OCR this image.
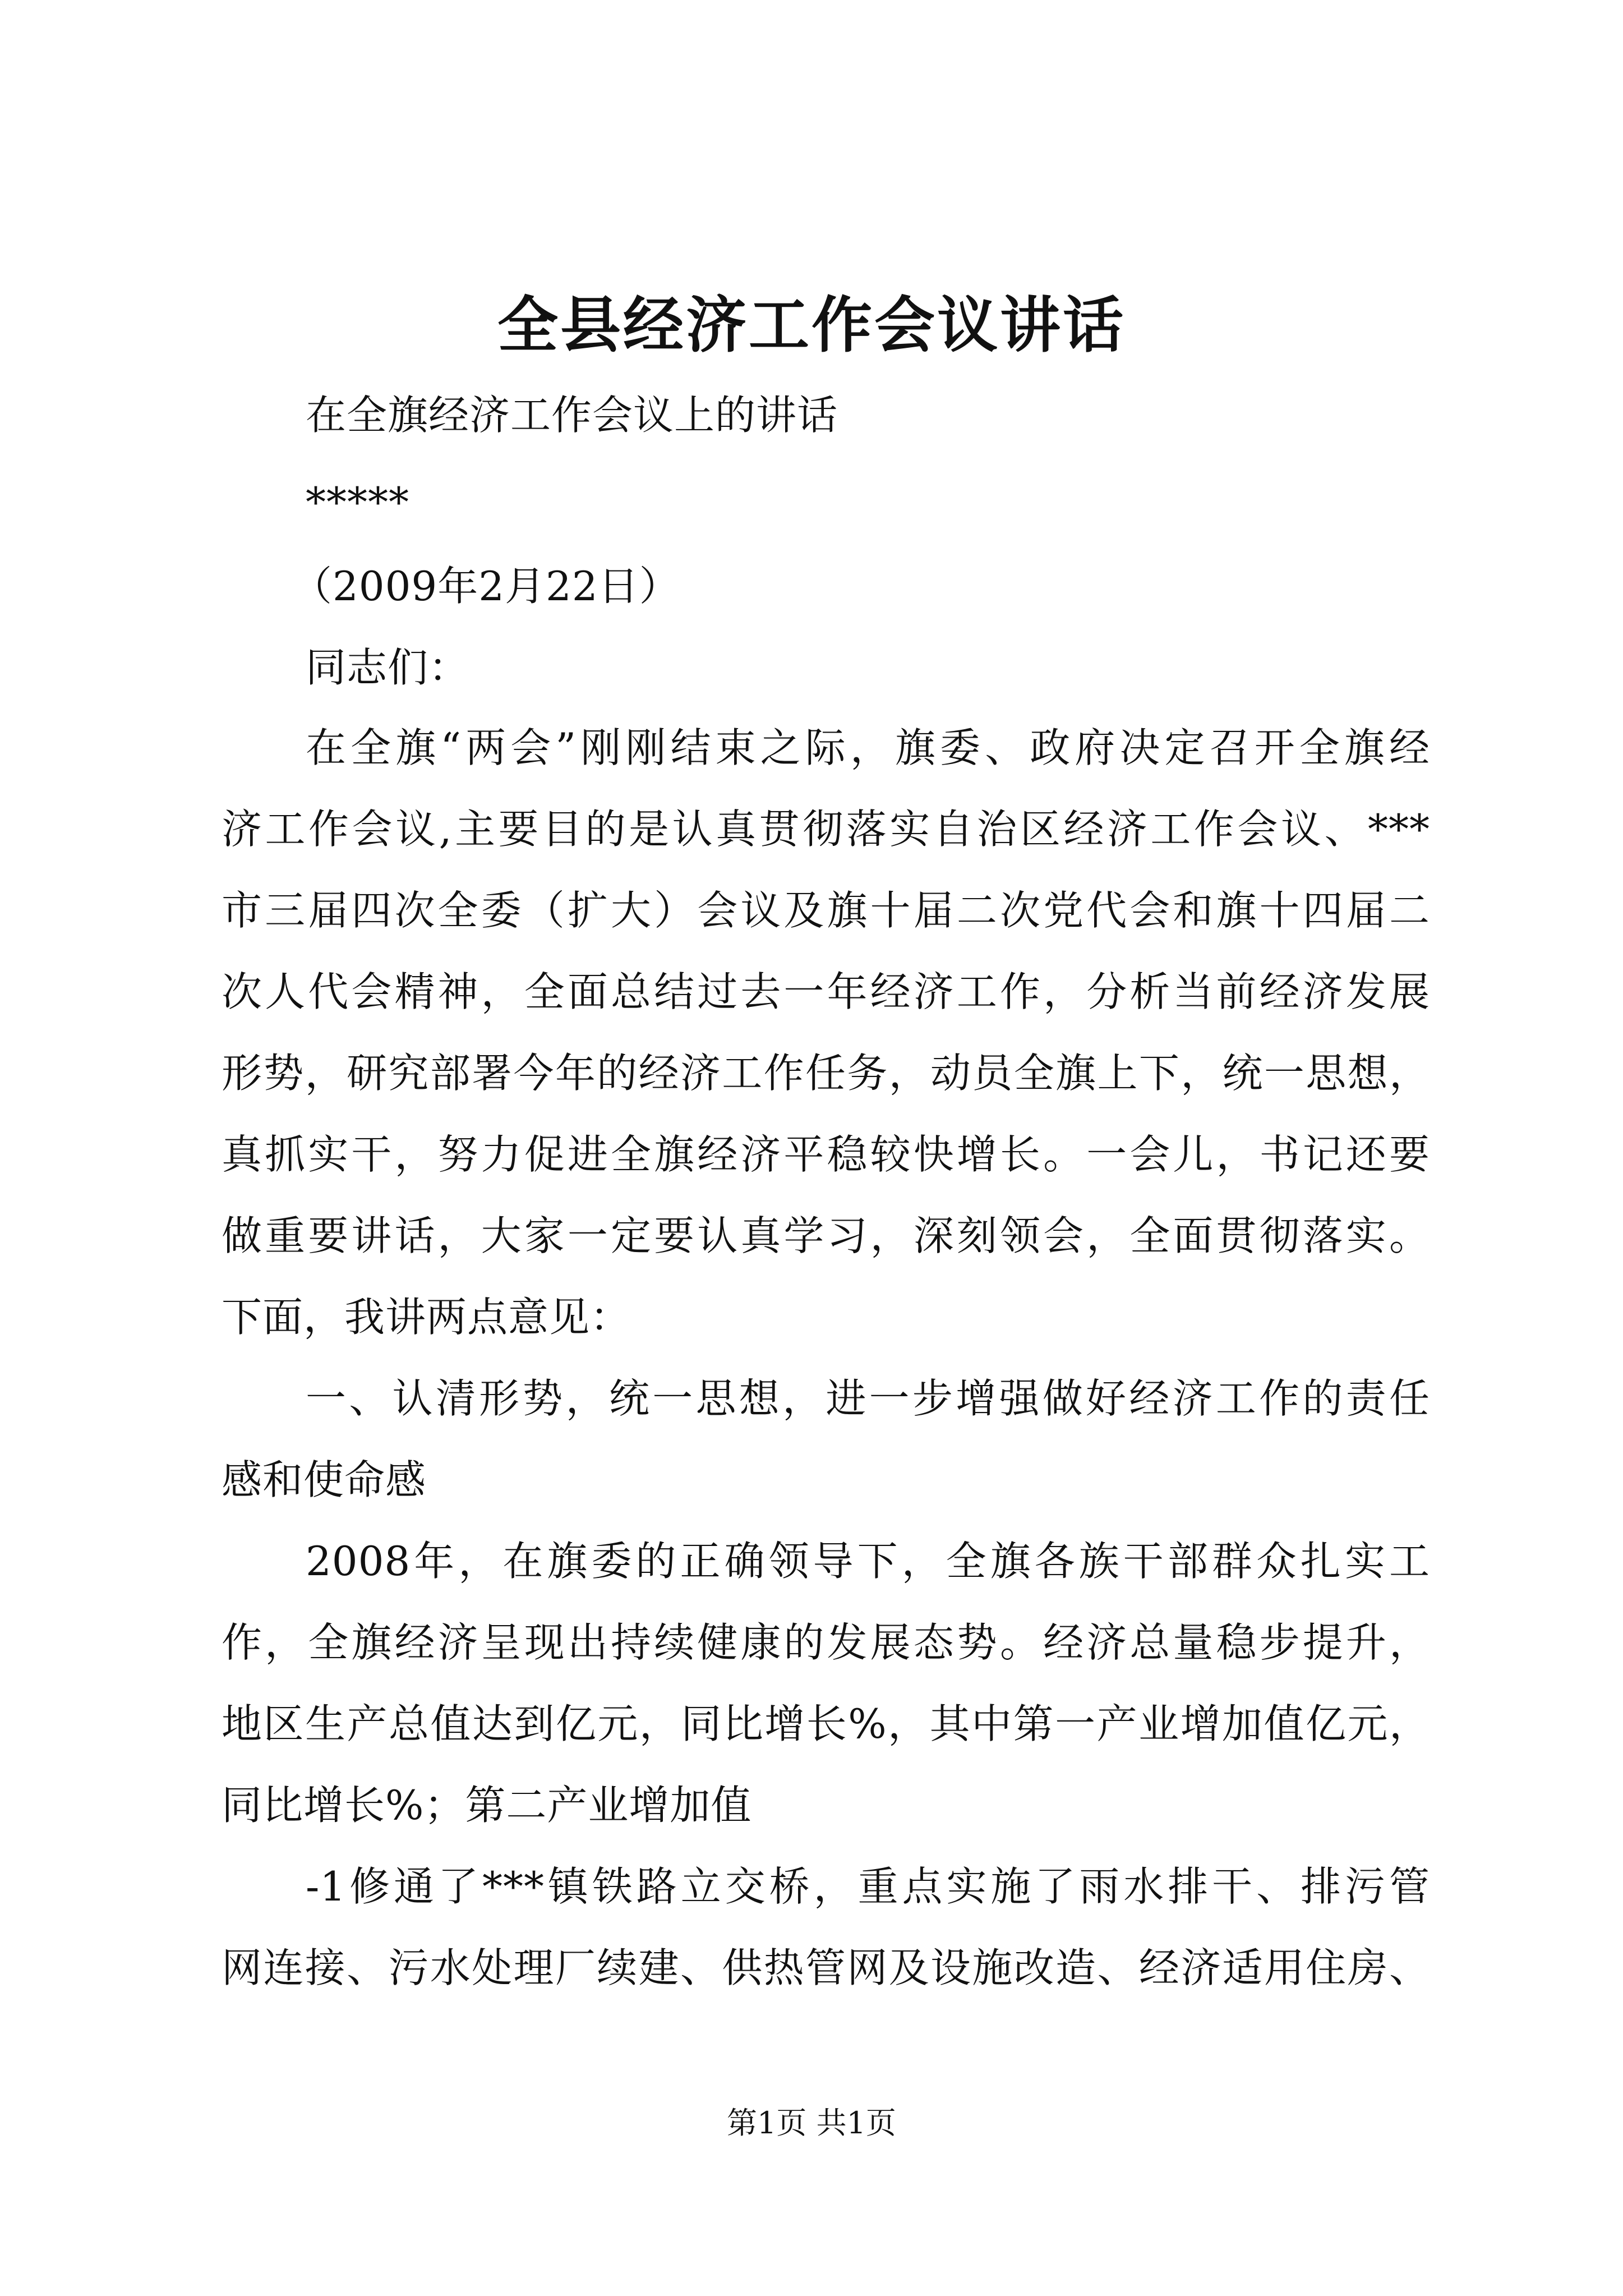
全县经济工作会议讲话
在全旗经济工作会议上的讲话
*****
（2009年2月22日）
同志们：
在全旗“两会”刚刚结束之际，旗委、政府决定召开全旗经
济工作会议,主要目的是认真贯彻落实自治区经济工作会议、***
市三届四次全委（扩大）会议及旗十届二次党代会和旗十四届二
次人代会精神，全面总结过去一年经济工作，分析当前经济发展
形势，研究部署今年的经济工作任务，动员全旗上下，统一思想，
真抓实干，努力促进全旗经济平稳较快增长。一会儿，书记还要
做重要讲话，大家一定要认真学习，深刻领会，全面贯彻落实。
下面，我讲两点意见：
一、认清形势，统一思想，进一步增强做好经济工作的责任
感和使命感
2008年，在旗委的正确领导下，全旗各族干部群众扎实工
作，全旗经济呈现出持续健康的发展态势。经济总量稳步提升，
地区生产总值达到亿元，同比增长%，其中第一产业增加值亿元，
同比增长%；第二产业增加值
-1修通了***镇铁路立交桥，重点实施了雨水排干、排污管
网连接、污水处理厂续建、供热管网及设施改造、经济适用住房、
第1页 共1页
